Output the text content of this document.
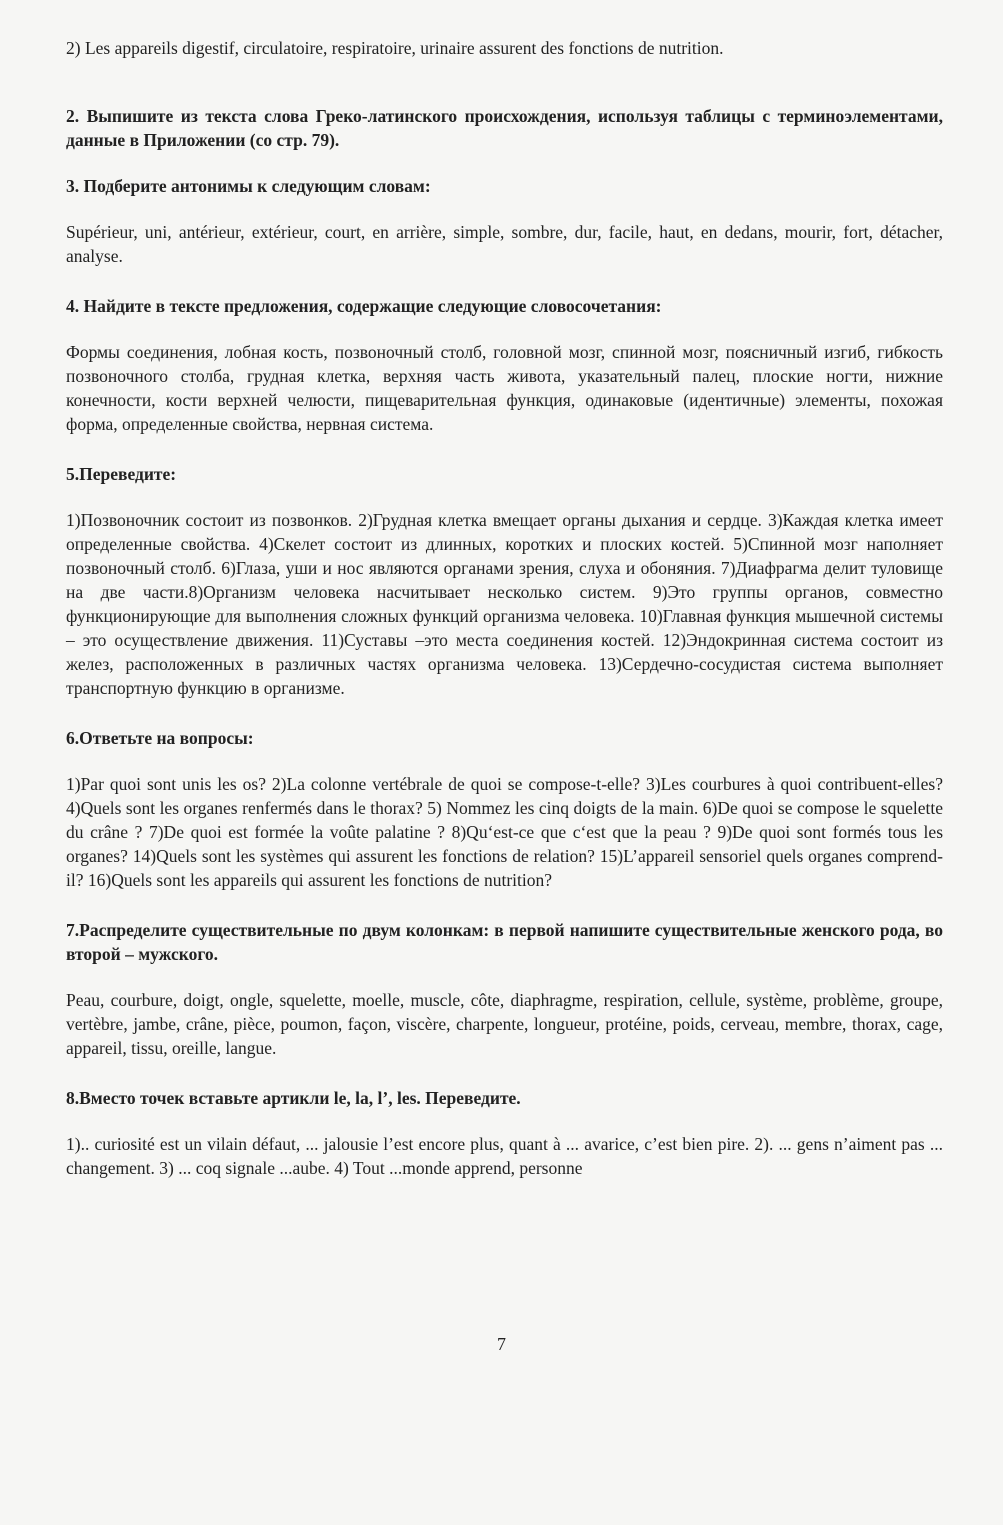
2) Les appareils digestif, circulatoire, respiratoire, urinaire assurent des fonctions de nutrition.

2. Выпишите из текста слова Греко-латинского происхождения, используя таблицы с терминоэлементами, данные в Приложении (со стр. 79).

3. Подберите антонимы к следующим словам:

Supérieur, uni, antérieur, extérieur, court, en arrière, simple, sombre, dur, facile, haut, en dedans, mourir, fort, détacher, analyse.

4. Найдите в тексте предложения, содержащие следующие словосочетания:

Формы соединения, лобная кость, позвоночный столб, головной мозг, спинной мозг, поясничный изгиб, гибкость позвоночного столба, грудная клетка, верхняя часть живота, указательный палец, плоские ногти, нижние конечности, кости верхней челюсти, пищеварительная функция, одинаковые (идентичные) элементы, похожая форма, определенные свойства, нервная система.

5.Переведите:

1)Позвоночник состоит из позвонков. 2)Грудная клетка вмещает органы дыхания и сердце. 3)Каждая клетка имеет определенные свойства. 4)Скелет состоит из длинных, коротких и плоских костей. 5)Спинной мозг наполняет позвоночный столб. 6)Глаза, уши и нос являются органами зрения, слуха и обоняния. 7)Диафрагма делит туловище на две части.8)Организм человека насчитывает несколько систем. 9)Это группы органов, совместно функционирующие для выполнения сложных функций организма человека. 10)Главная функция мышечной системы – это осуществление движения. 11)Суставы –это места соединения костей. 12)Эндокринная система состоит из желез, расположенных в различных частях организма человека. 13)Сердечно-сосудистая система выполняет транспортную функцию в организме.

6.Ответьте на вопросы:

1)Par quoi sont unis les os? 2)La colonne vertébrale de quoi se compose-t-elle? 3)Les courbures à quoi contribuent-elles? 4)Quels sont les organes renfermés dans le thorax? 5) Nommez les cinq doigts de la main. 6)De quoi se compose le squelette du crâne ? 7)De quoi est formée la voûte palatine ? 8)Qu‘est-ce que c‘est que la peau ? 9)De quoi sont formés tous les organes? 14)Quels sont les systèmes qui assurent les fonctions de relation? 15)L’appareil sensoriel quels organes comprend-il? 16)Quels sont les appareils qui assurent les fonctions de nutrition?

7.Распределите существительные по двум колонкам: в первой напишите существительные женского рода, во второй – мужского.

Peau, courbure, doigt, ongle, squelette, moelle, muscle, côte, diaphragme, respiration, cellule, système, problème, groupe, vertèbre, jambe, crâne, pièce, poumon, façon, viscère, charpente, longueur, protéine, poids, cerveau, membre, thorax, cage, appareil, tissu, oreille, langue.

8.Вместо точек вставьте артикли le, la, l’, les. Переведите.

1).. curiosité est un vilain défaut, ... jalousie l’est encore plus, quant à ... avarice, c’est bien pire. 2). ... gens n’aiment pas ... changement. 3) ... coq signale ...aube. 4) Tout ...monde apprend, personne

7
